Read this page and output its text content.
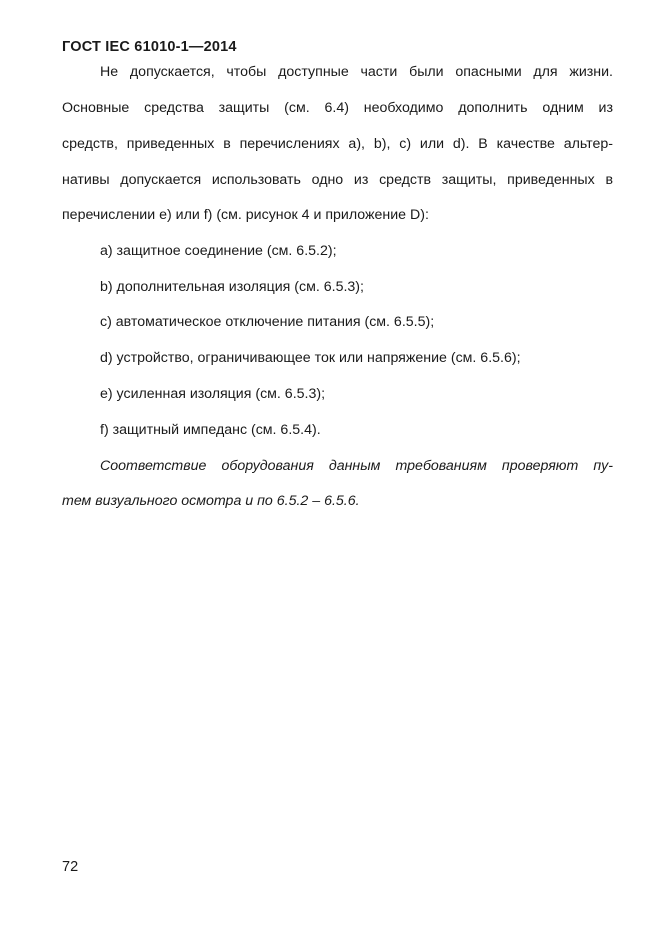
ГОСТ IEC 61010-1—2014
Не допускается, чтобы доступные части были опасными для жизни.
Основные средства защиты (см. 6.4) необходимо дополнить одним из
средств, приведенных в перечислениях а), b), с) или d). В качестве альтер-
нативы допускается использовать одно из средств защиты, приведенных в
перечислении е) или f) (см. рисунок 4 и приложение D):
а) защитное соединение (см. 6.5.2);
b) дополнительная изоляция (см. 6.5.3);
с) автоматическое отключение питания (см. 6.5.5);
d) устройство, ограничивающее ток или напряжение (см. 6.5.6);
е) усиленная изоляция (см. 6.5.3);
f) защитный импеданс (см. 6.5.4).
Соответствие оборудования данным требованиям проверяют пу-
тем визуального осмотра и по 6.5.2 – 6.5.6.
72
